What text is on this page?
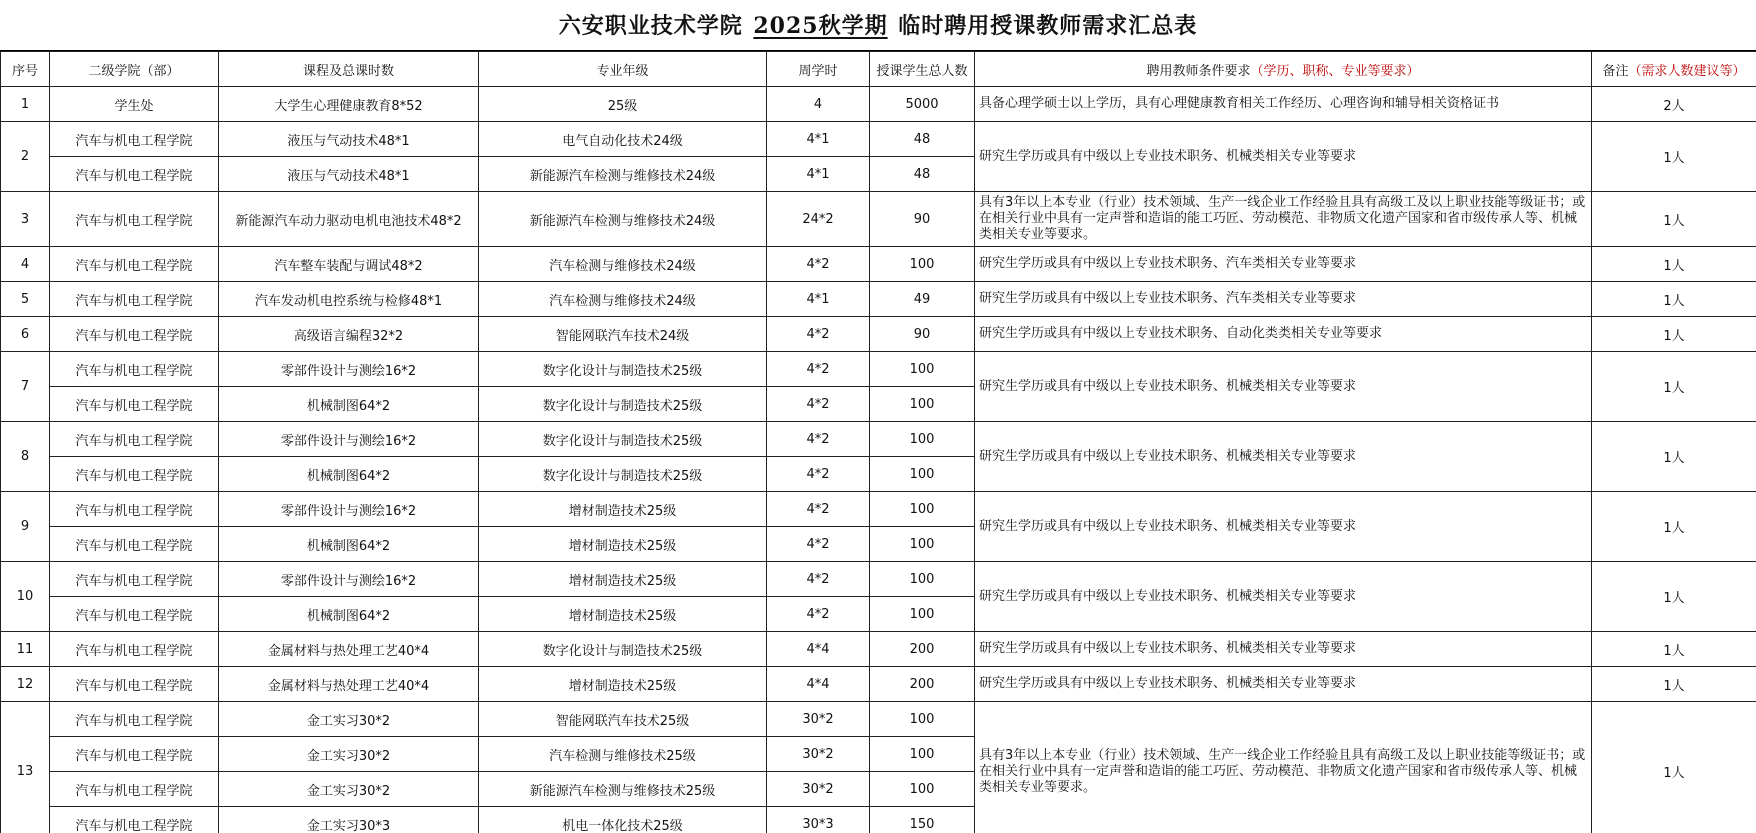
六安职业技术学院 2025秋学期 临时聘用授课教师需求汇总表
序号	二级学院（部）	课程及总课时数	专业年级	周学时	授课学生总人数	聘用教师条件要求（学历、职称、专业等要求）	备注（需求人数建议等）
1	学生处	大学生心理健康教育8*52	25级	4	5000	具备心理学硕士以上学历，具有心理健康教育相关工作经历、心理咨询和辅导相关资格证书	2人
2	汽车与机电工程学院	液压与气动技术48*1	电气自动化技术24级	4*1	48	研究生学历或具有中级以上专业技术职务、机械类相关专业等要求	1人
	汽车与机电工程学院	液压与气动技术48*1	新能源汽车检测与维修技术24级	4*1	48		
3	汽车与机电工程学院	新能源汽车动力驱动电机电池技术48*2	新能源汽车检测与维修技术24级	24*2	90	具有3年以上本专业（行业）技术领域、生产一线企业工作经验且具有高级工及以上职业技能等级证书；或在相关行业中具有一定声誉和造诣的能工巧匠、劳动模范、非物质文化遗产国家和省市级传承人等、机械类相关专业等要求。	1人
4	汽车与机电工程学院	汽车整车装配与调试48*2	汽车检测与维修技术24级	4*2	100	研究生学历或具有中级以上专业技术职务、汽车类相关专业等要求	1人
5	汽车与机电工程学院	汽车发动机电控系统与检修48*1	汽车检测与维修技术24级	4*1	49	研究生学历或具有中级以上专业技术职务、汽车类相关专业等要求	1人
6	汽车与机电工程学院	高级语言编程32*2	智能网联汽车技术24级	4*2	90	研究生学历或具有中级以上专业技术职务、自动化类类相关专业等要求	1人
7	汽车与机电工程学院	零部件设计与测绘16*2	数字化设计与制造技术25级	4*2	100	研究生学历或具有中级以上专业技术职务、机械类相关专业等要求	1人
	汽车与机电工程学院	机械制图64*2	数字化设计与制造技术25级	4*2	100		
8	汽车与机电工程学院	零部件设计与测绘16*2	数字化设计与制造技术25级	4*2	100	研究生学历或具有中级以上专业技术职务、机械类相关专业等要求	1人
	汽车与机电工程学院	机械制图64*2	数字化设计与制造技术25级	4*2	100		
9	汽车与机电工程学院	零部件设计与测绘16*2	增材制造技术25级	4*2	100	研究生学历或具有中级以上专业技术职务、机械类相关专业等要求	1人
	汽车与机电工程学院	机械制图64*2	增材制造技术25级	4*2	100		
10	汽车与机电工程学院	零部件设计与测绘16*2	增材制造技术25级	4*2	100	研究生学历或具有中级以上专业技术职务、机械类相关专业等要求	1人
	汽车与机电工程学院	机械制图64*2	增材制造技术25级	4*2	100		
11	汽车与机电工程学院	金属材料与热处理工艺40*4	数字化设计与制造技术25级	4*4	200	研究生学历或具有中级以上专业技术职务、机械类相关专业等要求	1人
12	汽车与机电工程学院	金属材料与热处理工艺40*4	增材制造技术25级	4*4	200	研究生学历或具有中级以上专业技术职务、机械类相关专业等要求	1人
13	汽车与机电工程学院	金工实习30*2	智能网联汽车技术25级	30*2	100	具有3年以上本专业（行业）技术领域、生产一线企业工作经验且具有高级工及以上职业技能等级证书；或在相关行业中具有一定声誉和造诣的能工巧匠、劳动模范、非物质文化遗产国家和省市级传承人等、机械类相关专业等要求。	1人
	汽车与机电工程学院	金工实习30*2	汽车检测与维修技术25级	30*2	100		
	汽车与机电工程学院	金工实习30*2	新能源汽车检测与维修技术25级	30*2	100		
	汽车与机电工程学院	金工实习30*3	机电一体化技术25级	30*3	150		
